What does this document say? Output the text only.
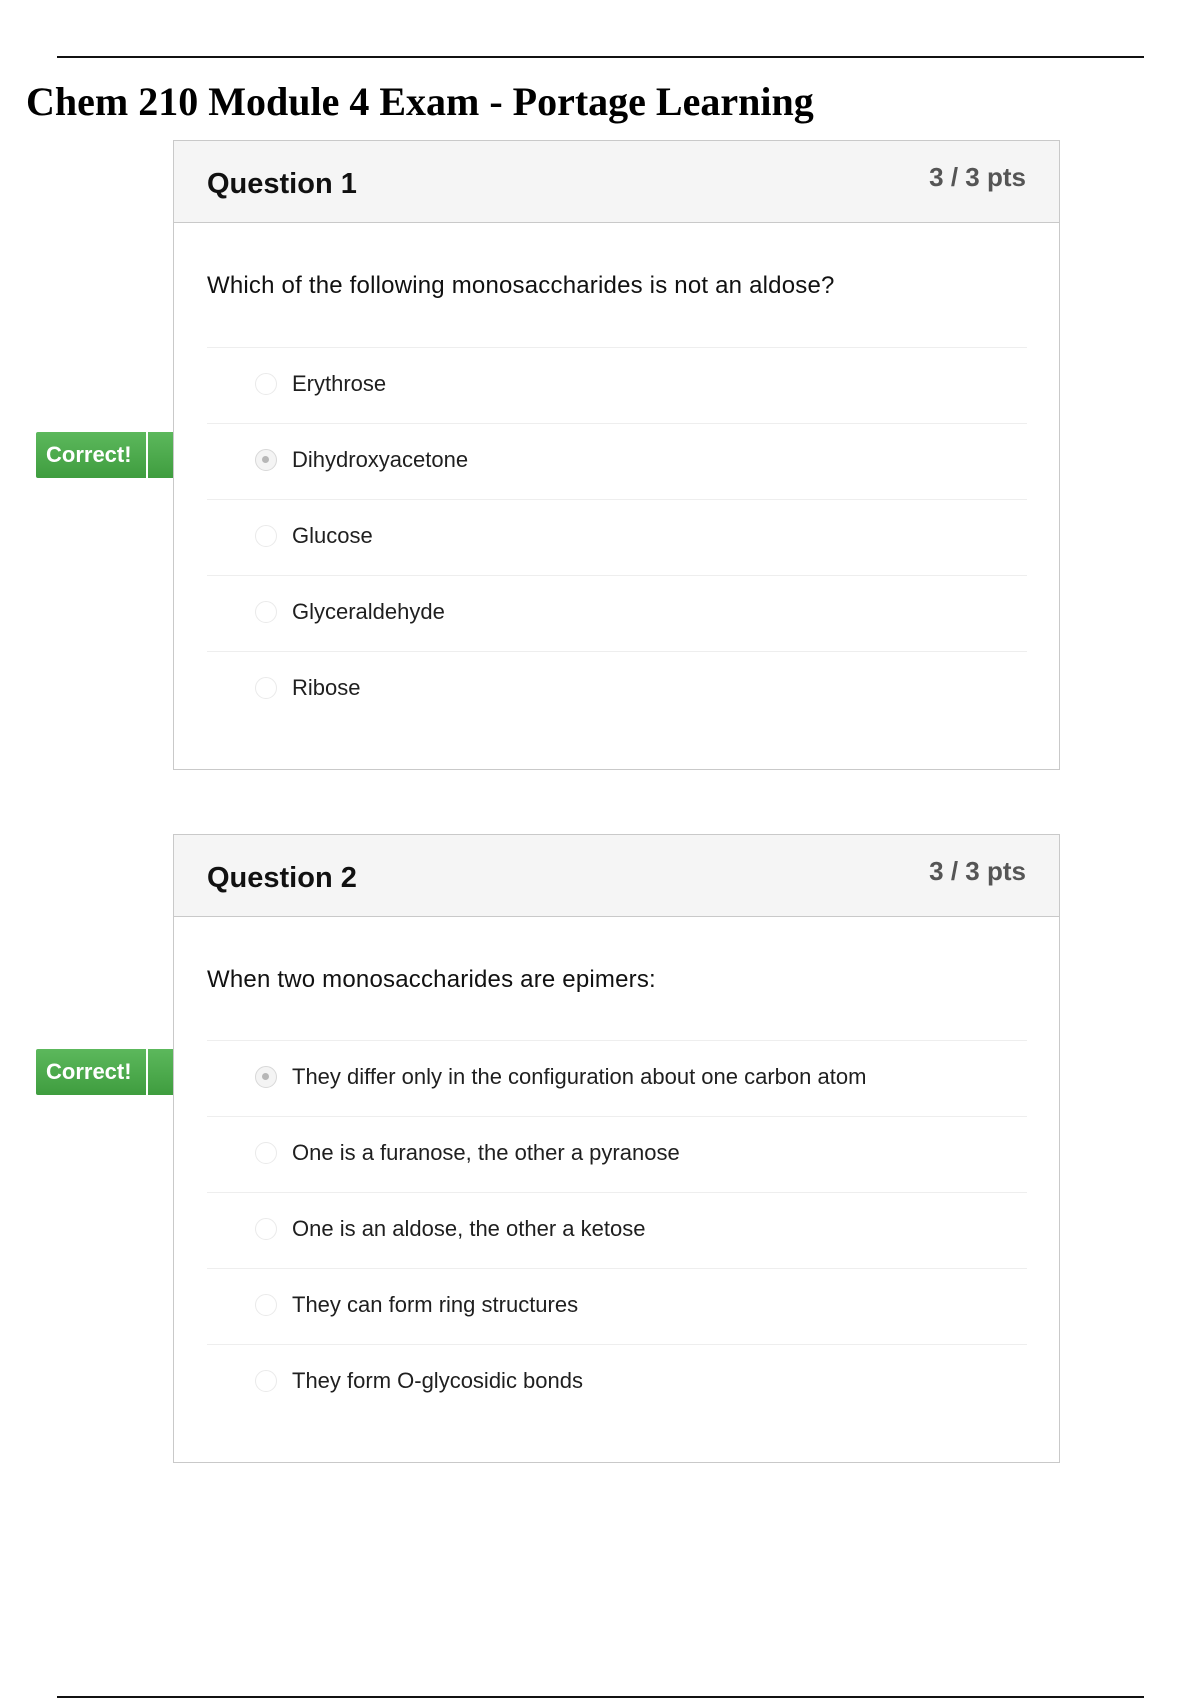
Chem 210 Module 4 Exam - Portage Learning
Correct!
Question 1	3 / 3 pts
Which of the following monosaccharides is not an aldose?
Erythrose
Dihydroxyacetone
Glucose
Glyceraldehyde
Ribose
Correct!
Question 2	3 / 3 pts
When two monosaccharides are epimers:
They differ only in the configuration about one carbon atom
One is a furanose, the other a pyranose
One is an aldose, the other a ketose
They can form ring structures
They form O-glycosidic bonds
